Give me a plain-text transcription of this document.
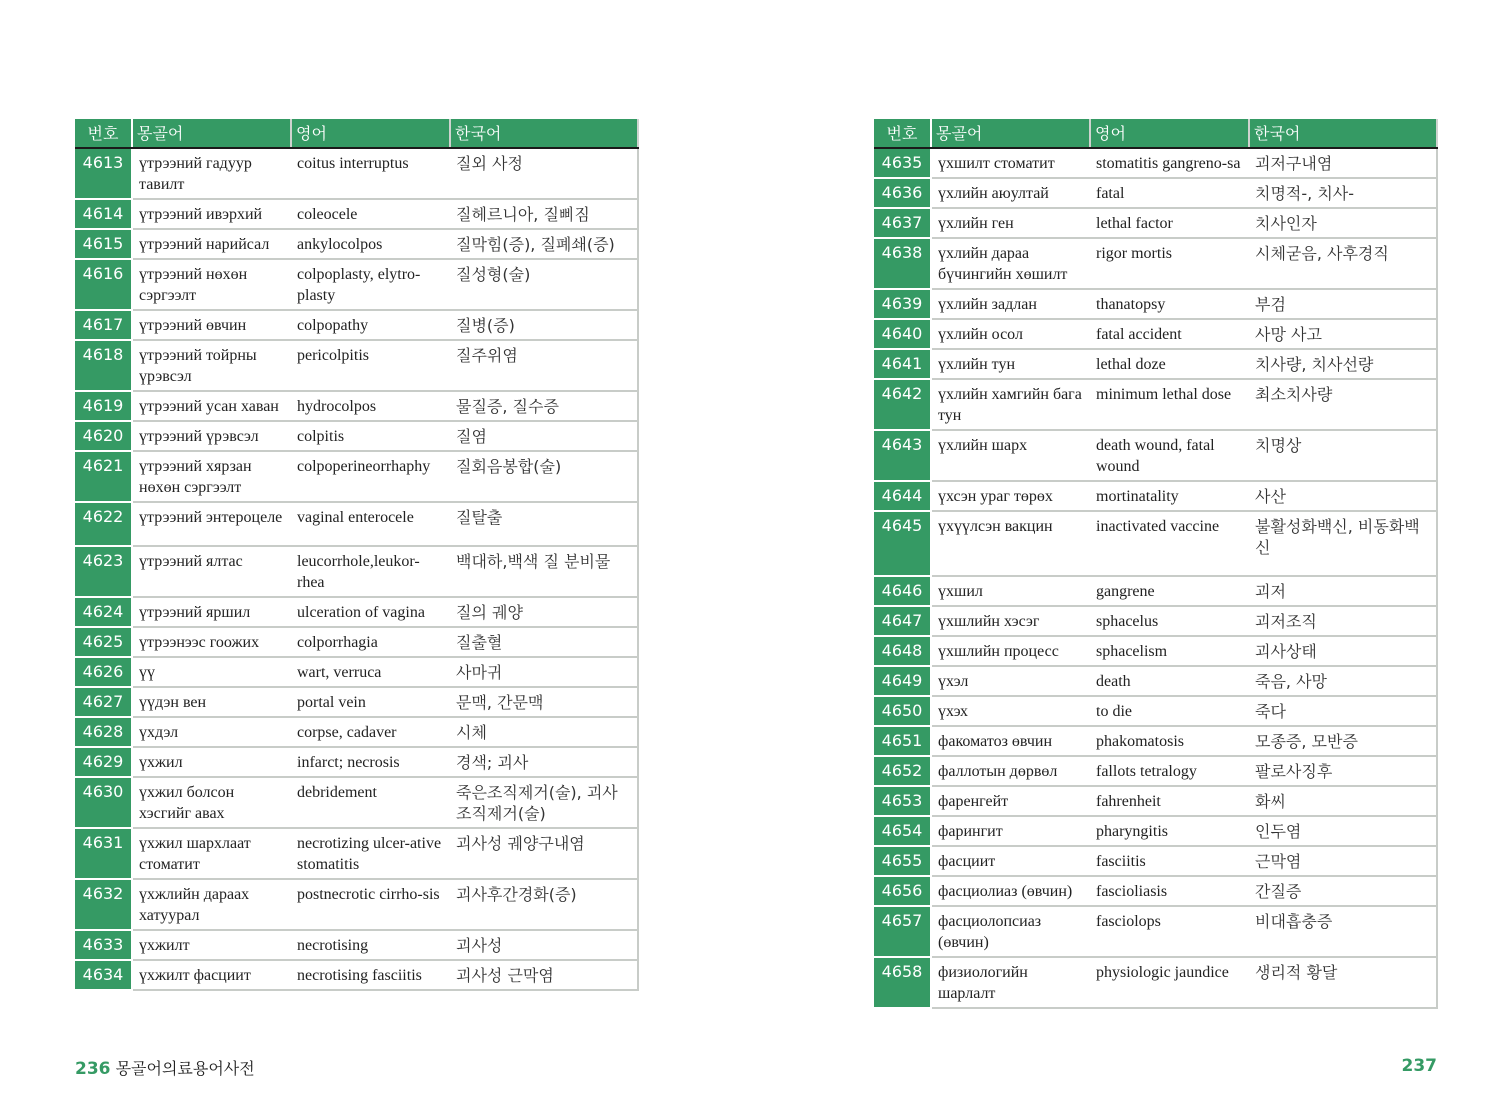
번호	몽골어	영어	한국어
4613	үтрээний гадуур тавилт	coitus interruptus	질외 사정
4614	үтрээний ивэрхий	coleocele	질헤르니아, 질삐짐
4615	үтрээний нарийсал	ankylocolpos	질막힘(증), 질폐쇄(증)
4616	үтрээний нөхөн сэргээлт	colpoplasty, elytro-plasty	질성형(술)
4617	үтрээний өвчин	colpopathy	질병(증)
4618	үтрээний тойрны үрэвсэл	pericolpitis	질주위염
4619	үтрээний усан хаван	hydrocolpos	물질증, 질수증
4620	үтрээний үрэвсэл	colpitis	질염
4621	үтрээний хярзан нөхөн сэргээлт	colpoperineorrhaphy	질회음봉합(술)
4622	үтрээний энтероцеле	vaginal enterocele	질탈출
4623	үтрээний ялтас	leucorrhole,leukor-rhea	백대하,백색 질 분비물
4624	үтрээний яршил	ulceration of vagina	질의 궤양
4625	үтрээнээс гоожих	colporrhagia	질출혈
4626	үү	wart, verruca	사마귀
4627	үүдэн вен	portal vein	문맥, 간문맥
4628	үхдэл	corpse, cadaver	시체
4629	үхжил	infarct; necrosis	경색; 괴사
4630	үхжил болсон хэсгийг авах	debridement	죽은조직제거(술), 괴사조직제거(술)
4631	үхжил шархлаат стоматит	necrotizing ulcer-ative stomatitis	괴사성 궤양구내염
4632	үхжлийн дараах хатуурал	postnecrotic cirrho-sis	괴사후간경화(증)
4633	үхжилт	necrotising	괴사성
4634	үхжилт фасциит	necrotising fasciitis	괴사성 근막염
번호	몽골어	영어	한국어
4635	үхшилт стоматит	stomatitis gangreno-sa	괴저구내염
4636	үхлийн аюултай	fatal	치명적-, 치사-
4637	үхлийн ген	lethal factor	치사인자
4638	үхлийн дараа бүчингийн хөшилт	rigor mortis	시체굳음, 사후경직
4639	үхлийн задлан	thanatopsy	부검
4640	үхлийн осол	fatal accident	사망 사고
4641	үхлийн тун	lethal doze	치사량, 치사선량
4642	үхлийн хамгийн бага тун	minimum lethal dose	최소치사량
4643	үхлийн шарх	death wound, fatal wound	치명상
4644	үхсэн ураг төрөх	mortinatality	사산
4645	үхүүлсэн вакцин	inactivated vaccine	불활성화백신, 비동화백신
4646	үхшил	gangrene	괴저
4647	үхшлийн хэсэг	sphacelus	괴저조직
4648	үхшлийн процесс	sphacelism	괴사상태
4649	үхэл	death	죽음, 사망
4650	үхэх	to die	죽다
4651	факоматоз өвчин	phakomatosis	모종증, 모반증
4652	фаллотын дөрвөл	fallots tetralogy	팔로사징후
4653	фаренгейт	fahrenheit	화씨
4654	фарингит	pharyngitis	인두염
4655	фасциит	fasciitis	근막염
4656	фасциолиаз (өвчин)	fascioliasis	간질증
4657	фасциолопсиаз (өвчин)	fasciolops	비대흡충증
4658	физиологийн шарлалт	physiologic jaundice	생리적 황달
236 몽골어의료용어사전	237
